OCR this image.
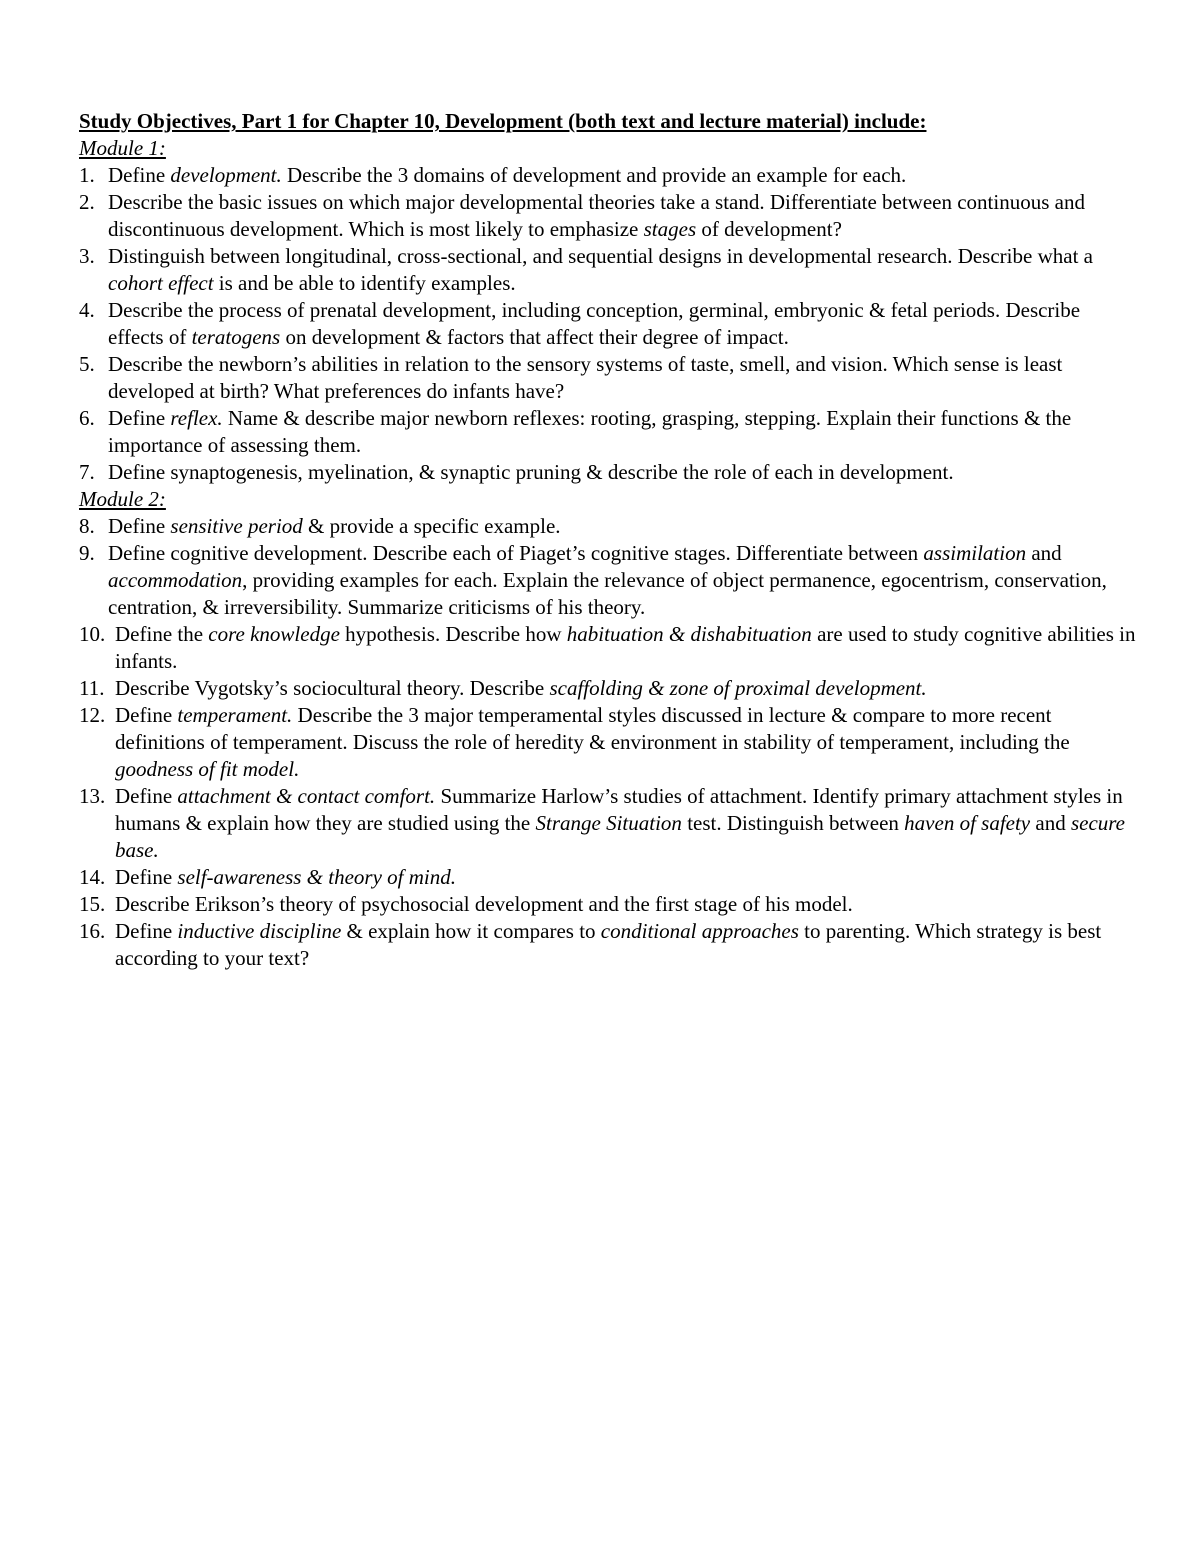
Study Objectives, Part 1 for Chapter 10, Development (both text and lecture material) include:
Module 1:
1. Define development. Describe the 3 domains of development and provide an example for each.
2. Describe the basic issues on which major developmental theories take a stand. Differentiate between continuous and discontinuous development. Which is most likely to emphasize stages of development?
3. Distinguish between longitudinal, cross-sectional, and sequential designs in developmental research. Describe what a cohort effect is and be able to identify examples.
4. Describe the process of prenatal development, including conception, germinal, embryonic & fetal periods. Describe effects of teratogens on development & factors that affect their degree of impact.
5. Describe the newborn’s abilities in relation to the sensory systems of taste, smell, and vision. Which sense is least developed at birth? What preferences do infants have?
6. Define reflex. Name & describe major newborn reflexes: rooting, grasping, stepping. Explain their functions & the importance of assessing them.
7. Define synaptogenesis, myelination, & synaptic pruning & describe the role of each in development.
Module 2:
8. Define sensitive period & provide a specific example.
9. Define cognitive development. Describe each of Piaget’s cognitive stages. Differentiate between assimilation and accommodation, providing examples for each. Explain the relevance of object permanence, egocentrism, conservation, centration, & irreversibility. Summarize criticisms of his theory.
10. Define the core knowledge hypothesis. Describe how habituation & dishabituation are used to study cognitive abilities in infants.
11. Describe Vygotsky’s sociocultural theory. Describe scaffolding & zone of proximal development.
12. Define temperament. Describe the 3 major temperamental styles discussed in lecture & compare to more recent definitions of temperament. Discuss the role of heredity & environment in stability of temperament, including the goodness of fit model.
13. Define attachment & contact comfort. Summarize Harlow’s studies of attachment. Identify primary attachment styles in humans & explain how they are studied using the Strange Situation test. Distinguish between haven of safety and secure base.
14. Define self-awareness & theory of mind.
15. Describe Erikson’s theory of psychosocial development and the first stage of his model.
16. Define inductive discipline & explain how it compares to conditional approaches to parenting. Which strategy is best according to your text?
